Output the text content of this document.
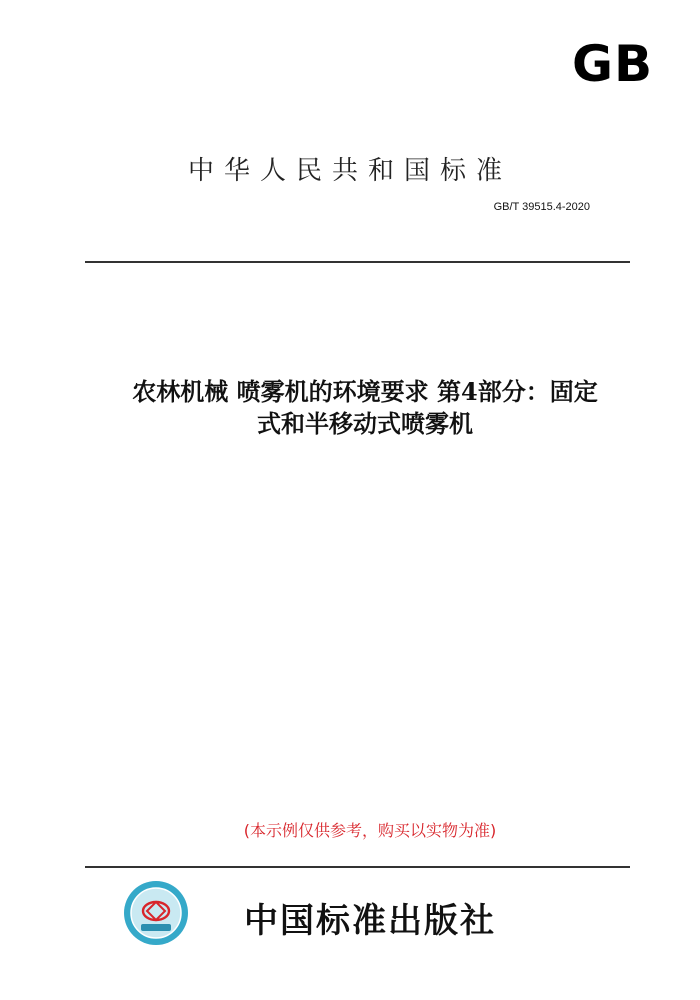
GB
中华人民共和国标准
GB/T 39515.4-2020
农林机械 喷雾机的环境要求 第4部分：固定
式和半移动式喷雾机
(本示例仅供参考，购买以实物为准)
中国标准出版社
